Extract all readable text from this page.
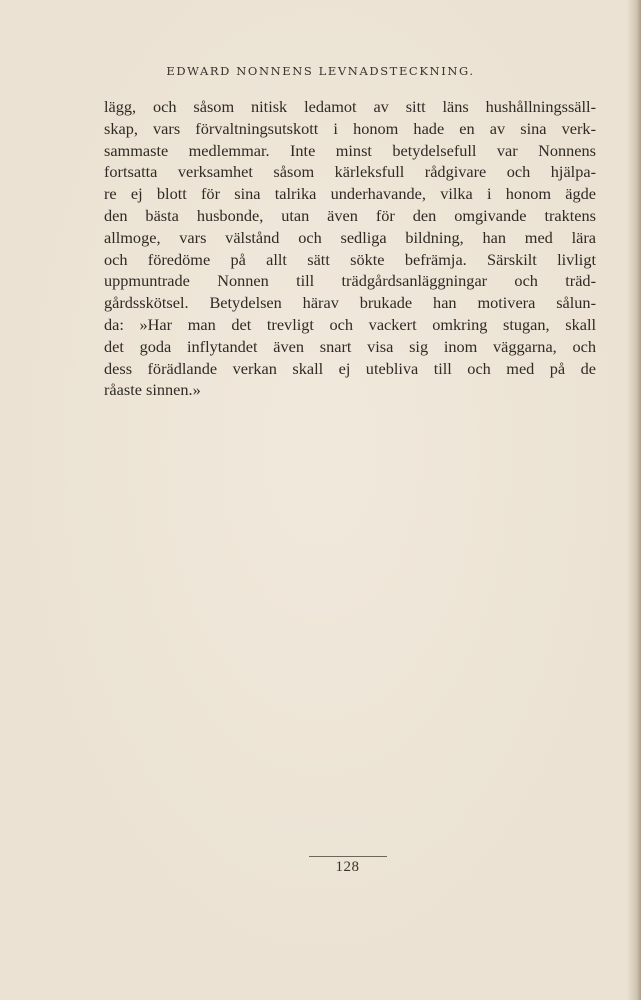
EDWARD NONNENS LEVNADSTECKNING.
lägg, och såsom nitisk ledamot av sitt läns hushållningssäll-
skap, vars förvaltningsutskott i honom hade en av sina verk-
sammaste medlemmar. Inte minst betydelsefull var Nonnens
fortsatta verksamhet såsom kärleksfull rådgivare och hjälpa-
re ej blott för sina talrika underhavande, vilka i honom ägde
den bästa husbonde, utan även för den omgivande traktens
allmoge, vars välstånd och sedliga bildning, han med lära
och föredöme på allt sätt sökte befrämja. Särskilt livligt
uppmuntrade Nonnen till trädgårdsanläggningar och träd-
gårdsskötsel. Betydelsen härav brukade han motivera sålun-
da: »Har man det trevligt och vackert omkring stugan, skall
det goda inflytandet även snart visa sig inom väggarna, och
dess förädlande verkan skall ej utebliva till och med på de
råaste sinnen.»
128
